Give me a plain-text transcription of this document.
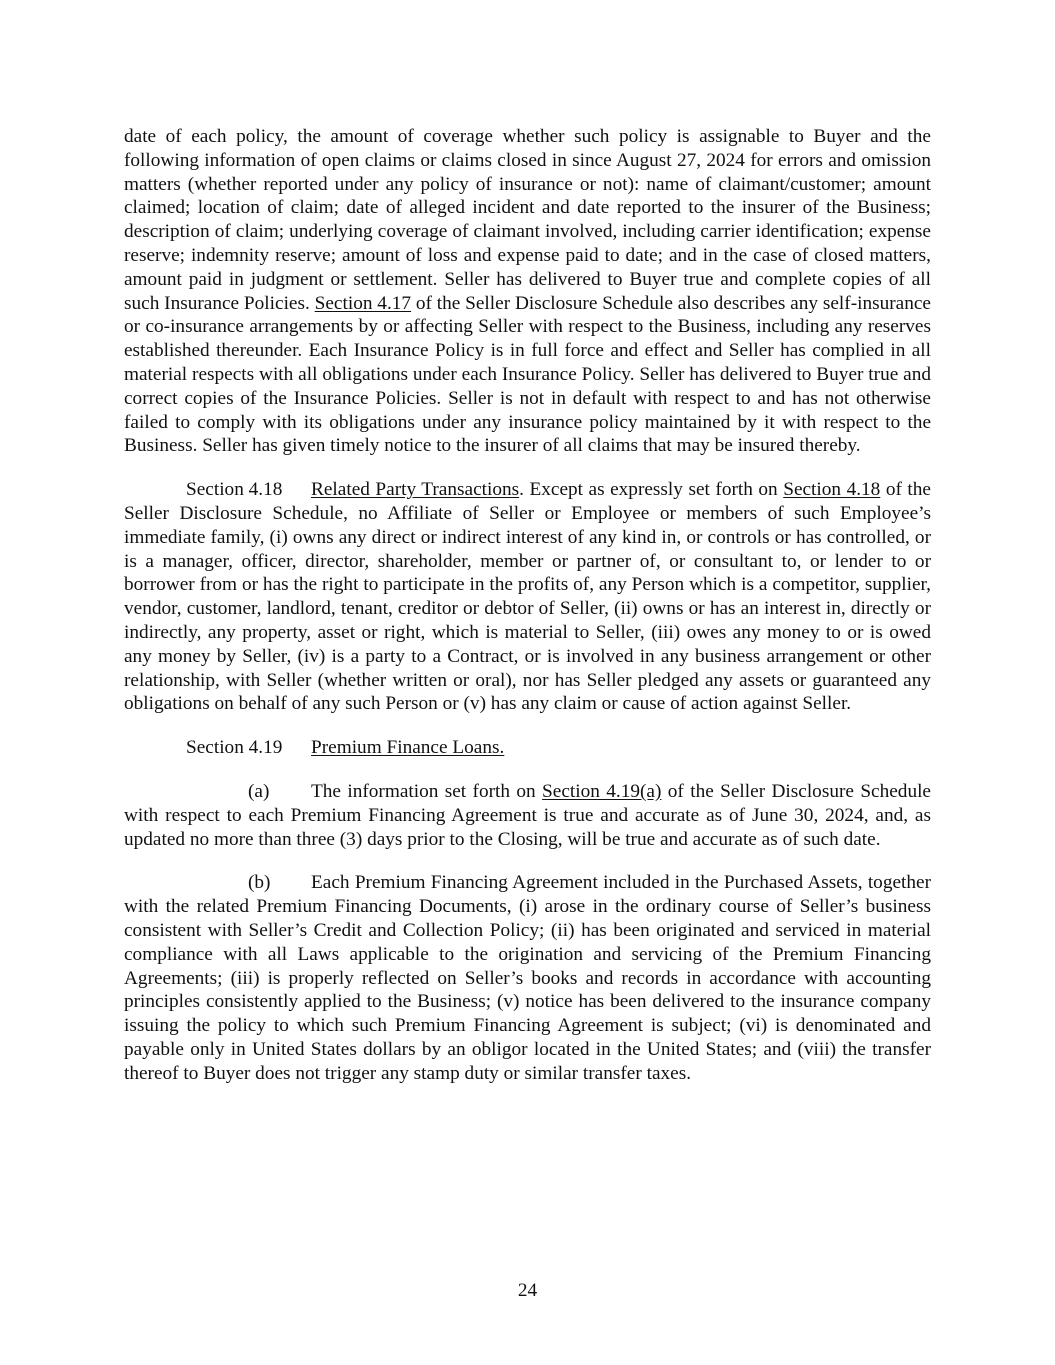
date of each policy, the amount of coverage whether such policy is assignable to Buyer and the following information of open claims or claims closed in since August 27, 2024 for errors and omission matters (whether reported under any policy of insurance or not): name of claimant/customer; amount claimed; location of claim; date of alleged incident and date reported to the insurer of the Business; description of claim; underlying coverage of claimant involved, including carrier identification; expense reserve; indemnity reserve; amount of loss and expense paid to date; and in the case of closed matters, amount paid in judgment or settlement. Seller has delivered to Buyer true and complete copies of all such Insurance Policies. Section 4.17 of the Seller Disclosure Schedule also describes any self-insurance or co-insurance arrangements by or affecting Seller with respect to the Business, including any reserves established thereunder. Each Insurance Policy is in full force and effect and Seller has complied in all material respects with all obligations under each Insurance Policy. Seller has delivered to Buyer true and correct copies of the Insurance Policies. Seller is not in default with respect to and has not otherwise failed to comply with its obligations under any insurance policy maintained by it with respect to the Business. Seller has given timely notice to the insurer of all claims that may be insured thereby.

Section 4.18 Related Party Transactions. Except as expressly set forth on Section 4.18 of the Seller Disclosure Schedule, no Affiliate of Seller or Employee or members of such Employee’s immediate family, (i) owns any direct or indirect interest of any kind in, or controls or has controlled, or is a manager, officer, director, shareholder, member or partner of, or consultant to, or lender to or borrower from or has the right to participate in the profits of, any Person which is a competitor, supplier, vendor, customer, landlord, tenant, creditor or debtor of Seller, (ii) owns or has an interest in, directly or indirectly, any property, asset or right, which is material to Seller, (iii) owes any money to or is owed any money by Seller, (iv) is a party to a Contract, or is involved in any business arrangement or other relationship, with Seller (whether written or oral), nor has Seller pledged any assets or guaranteed any obligations on behalf of any such Person or (v) has any claim or cause of action against Seller.

Section 4.19 Premium Finance Loans.

(a) The information set forth on Section 4.19(a) of the Seller Disclosure Schedule with respect to each Premium Financing Agreement is true and accurate as of June 30, 2024, and, as updated no more than three (3) days prior to the Closing, will be true and accurate as of such date.

(b) Each Premium Financing Agreement included in the Purchased Assets, together with the related Premium Financing Documents, (i) arose in the ordinary course of Seller’s business consistent with Seller’s Credit and Collection Policy; (ii) has been originated and serviced in material compliance with all Laws applicable to the origination and servicing of the Premium Financing Agreements; (iii) is properly reflected on Seller’s books and records in accordance with accounting principles consistently applied to the Business; (v) notice has been delivered to the insurance company issuing the policy to which such Premium Financing Agreement is subject; (vi) is denominated and payable only in United States dollars by an obligor located in the United States; and (viii) the transfer thereof to Buyer does not trigger any stamp duty or similar transfer taxes.

24
